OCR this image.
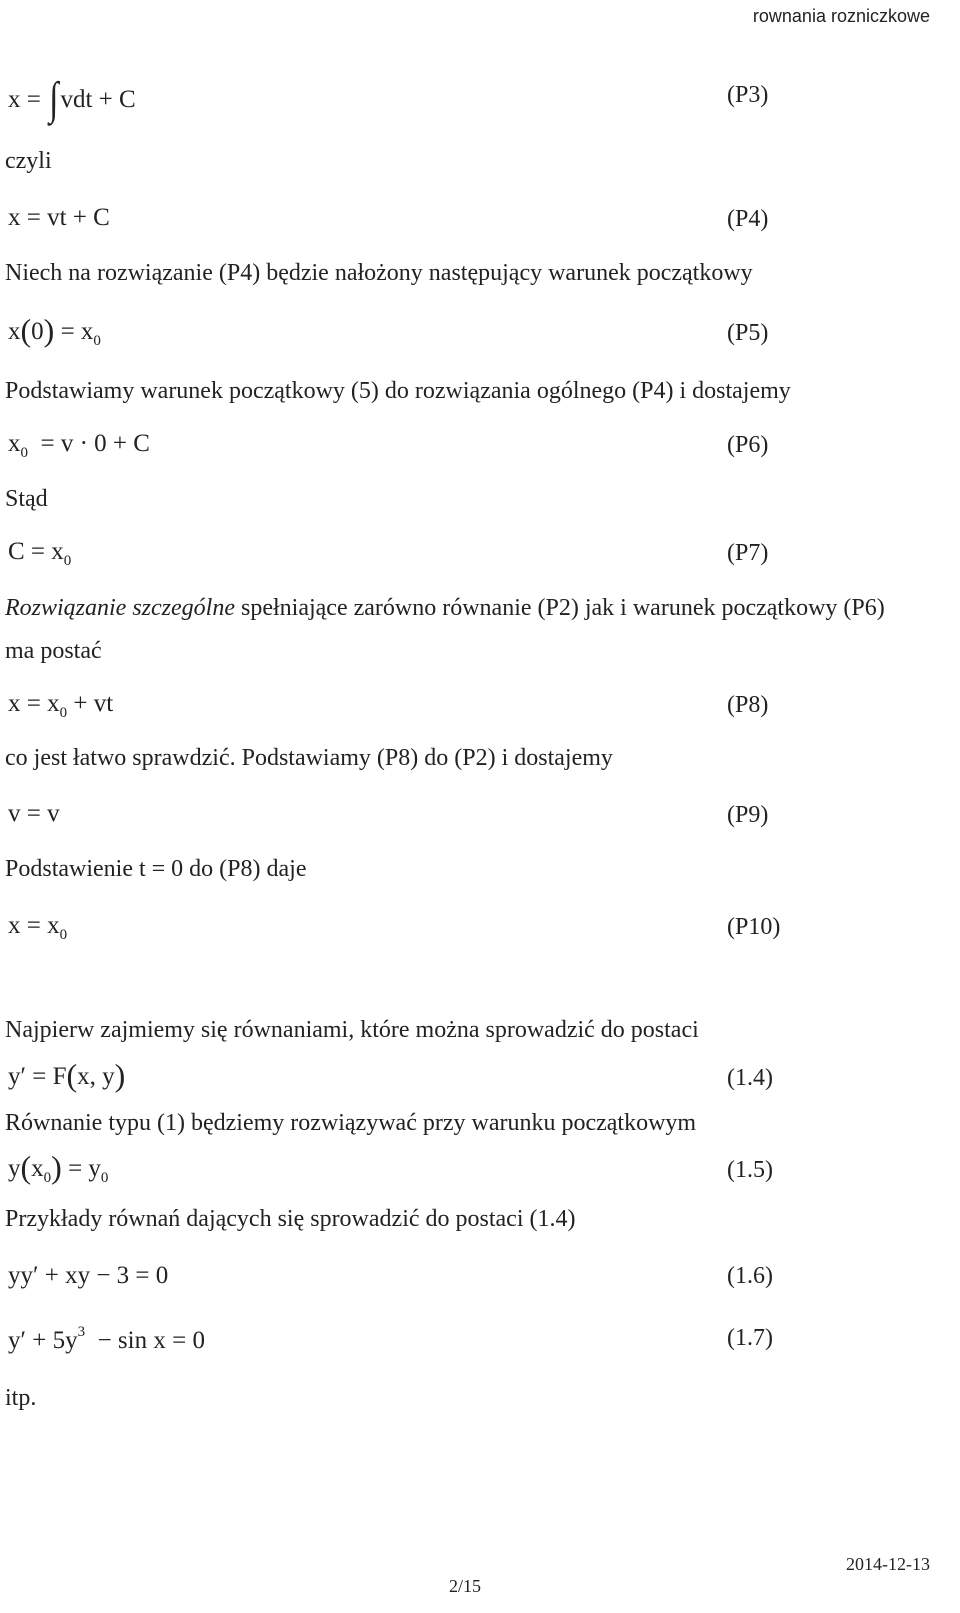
rownania rozniczkowe
x = ∫vdt + C	(P3)
czyli
x = vt + C	(P4)
Niech na rozwiązanie (P4) będzie nałożony następujący warunek początkowy
$x(0) = x_0$	(P5)
Podstawiamy warunek początkowy (5) do rozwiązania ogólnego (P4) i dostajemy
$x_0 = v \cdot 0 + C$	(P6)
Stąd
$C = x_0$	(P7)
Rozwiązanie szczególne spełniające zarówno równanie (P2) jak i warunek początkowy (P6)
ma postać
$x = x_0$ + vt	(P8)
co jest łatwo sprawdzić. Podstawiamy (P8) do (P2) i dostajemy
v = v	(P9)
Podstawienie t = 0 do (P8) daje
$x = x_0$	(P10)
Najpierw zajmiemy się równaniami, które można sprowadzić do postaci
y′ = F(x, y)	(1.4)
Równanie typu (1) będziemy rozwiązywać przy warunku początkowym
$y(x_0) = y_0$	(1.5)
Przykłady równań dających się sprowadzić do postaci (1.4)
yy′ + xy − 3 = 0	(1.6)
$y' + 5y^3 - \sin x = 0$	(1.7)
itp.
2/15
2014-12-13
